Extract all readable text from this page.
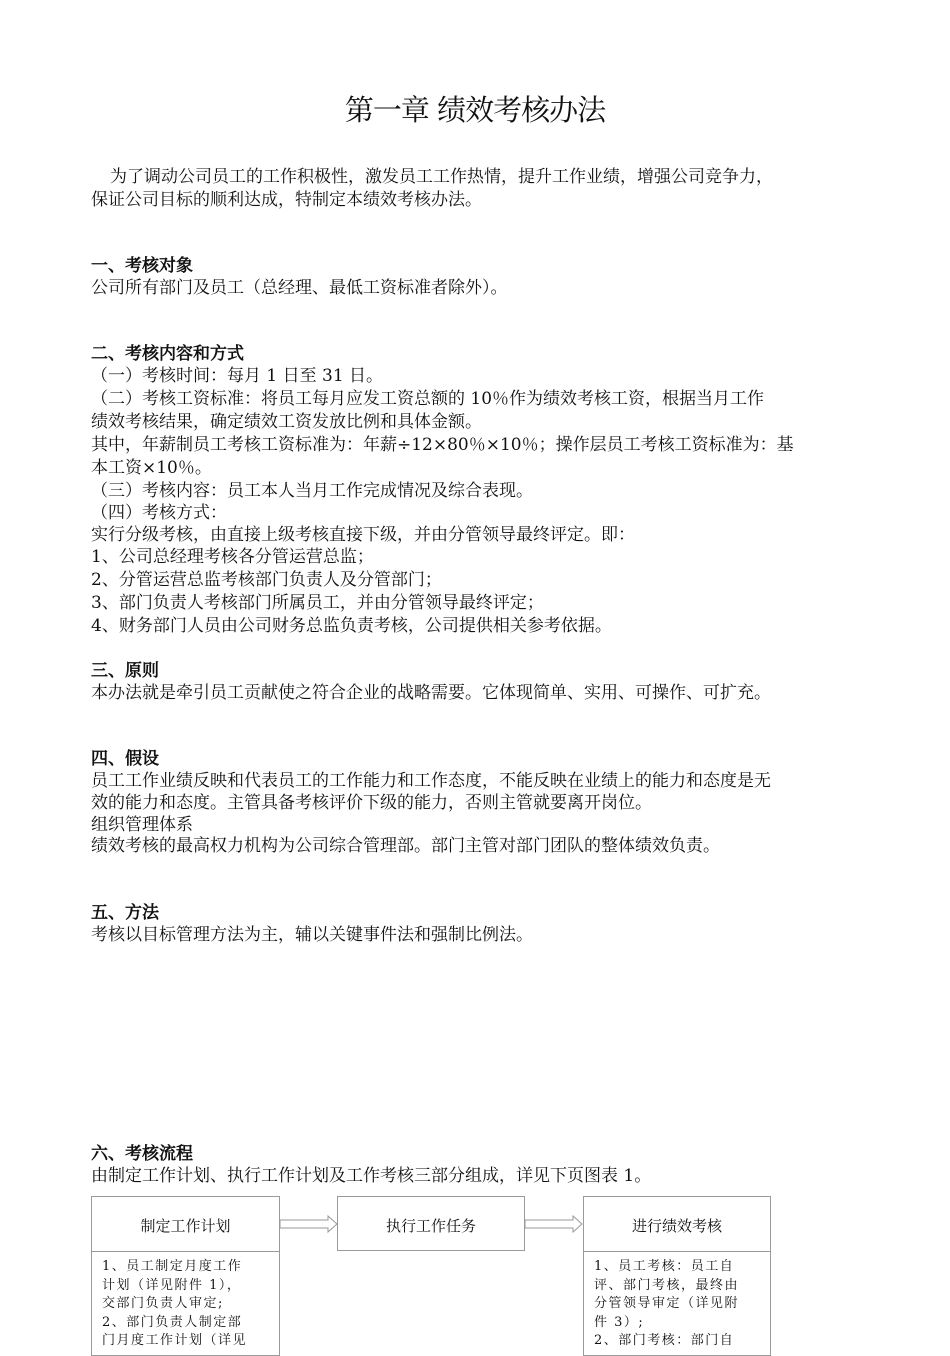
第一章 绩效考核办法
为了调动公司员工的工作积极性，激发员工工作热情，提升工作业绩，增强公司竞争力，
保证公司目标的顺利达成，特制定本绩效考核办法。
一、考核对象
公司所有部门及员工（总经理、最低工资标准者除外）。
二、考核内容和方式
（一）考核时间：每月 1 日至 31 日。
（二）考核工资标准：将员工每月应发工资总额的 10％作为绩效考核工资，根据当月工作
绩效考核结果，确定绩效工资发放比例和具体金额。
其中，年薪制员工考核工资标准为：年薪÷12×80％×10％；操作层员工考核工资标准为：基
本工资×10％。
（三）考核内容：员工本人当月工作完成情况及综合表现。
（四）考核方式：
实行分级考核，由直接上级考核直接下级，并由分管领导最终评定。即：
1、公司总经理考核各分管运营总监；
2、分管运营总监考核部门负责人及分管部门；
3、部门负责人考核部门所属员工，并由分管领导最终评定；
4、财务部门人员由公司财务总监负责考核，公司提供相关参考依据。
三、原则
本办法就是牵引员工贡献使之符合企业的战略需要。它体现简单、实用、可操作、可扩充。
四、假设
员工工作业绩反映和代表员工的工作能力和工作态度，不能反映在业绩上的能力和态度是无
效的能力和态度。主管具备考核评价下级的能力，否则主管就要离开岗位。
组织管理体系
绩效考核的最高权力机构为公司综合管理部。部门主管对部门团队的整体绩效负责。
五、方法
考核以目标管理方法为主，辅以关键事件法和强制比例法。
六、考核流程
由制定工作计划、执行工作计划及工作考核三部分组成，详见下页图表 1。
制定工作计划
1、员工制定月度工作
计划（详见附件 1），
交部门负责人审定;
2、部门负责人制定部
门月度工作计划（详见
执行工作任务	进行绩效考核
1、员工考核：员工自
评、部门考核，最终由
分管领导审定（详见附
件 3）;
2、部门考核：部门自
